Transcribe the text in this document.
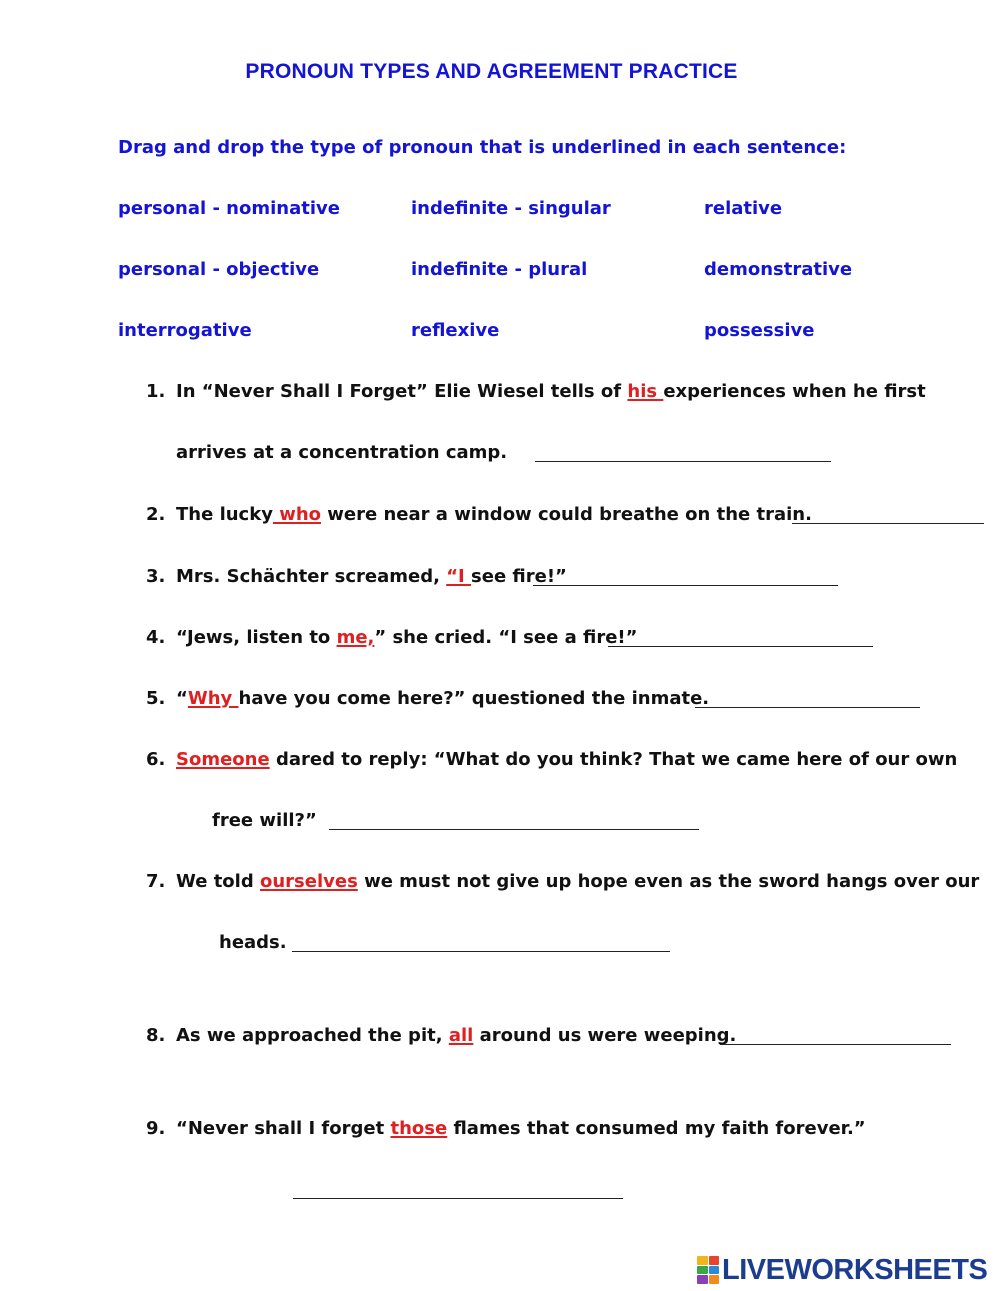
PRONOUN TYPES AND AGREEMENT PRACTICE
Drag and drop the type of pronoun that is underlined in each sentence:
personal - nominative	indefinite - singular	relative
personal - objective	indefinite - plural	demonstrative
interrogative	reflexive	possessive
1. In “Never Shall I Forget” Elie Wiesel tells of his experiences when he first
arrives at a concentration camp.
2. The lucky who were near a window could breathe on the train.
3. Mrs. Schächter screamed, “I see fire!”
4. “Jews, listen to me,” she cried. “I see a fire!”
5. “Why have you come here?” questioned the inmate.
6. Someone dared to reply: “What do you think? That we came here of our own
free will?”
7. We told ourselves we must not give up hope even as the sword hangs over our
heads.
8. As we approached the pit, all around us were weeping.
9. “Never shall I forget those flames that consumed my faith forever.”
LIVEWORKSHEETS
